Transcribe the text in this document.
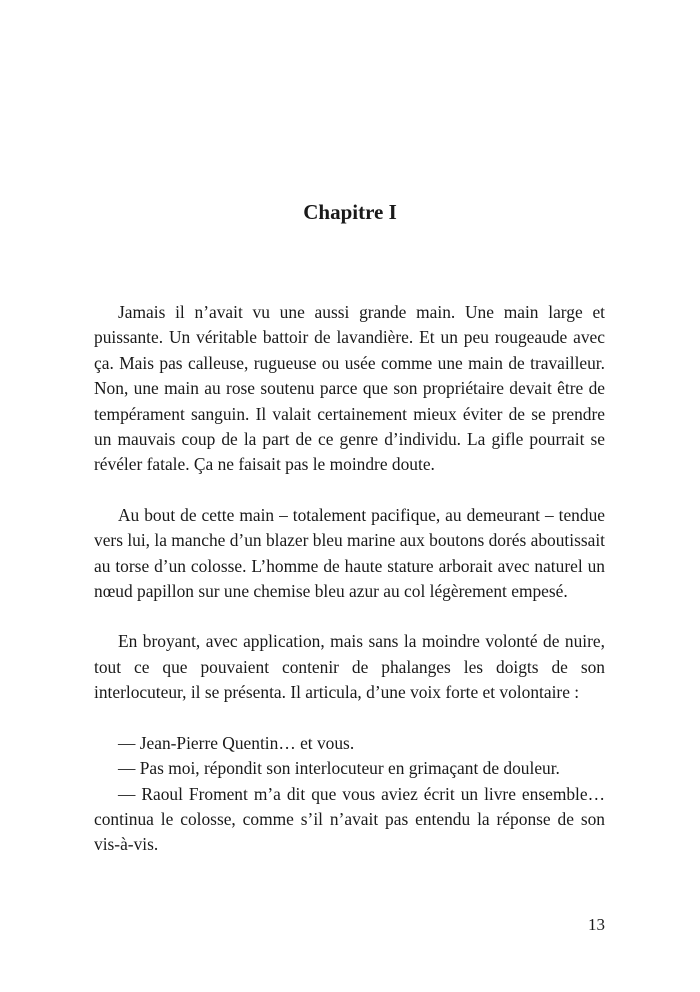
Chapitre I

Jamais il n’avait vu une aussi grande main. Une main large et puissante. Un véritable battoir de lavandière. Et un peu rougeaude avec ça. Mais pas calleuse, rugueuse ou usée comme une main de travailleur. Non, une main au rose soutenu parce que son propriétaire devait être de tempérament sanguin. Il valait certainement mieux éviter de se prendre un mauvais coup de la part de ce genre d’individu. La gifle pourrait se révéler fatale. Ça ne faisait pas le moindre doute.

Au bout de cette main – totalement pacifique, au demeurant – tendue vers lui, la manche d’un blazer bleu marine aux boutons dorés aboutissait au torse d’un colosse. L’homme de haute stature arborait avec naturel un nœud papillon sur une chemise bleu azur au col légèrement empesé.

En broyant, avec application, mais sans la moindre volonté de nuire, tout ce que pouvaient contenir de phalanges les doigts de son interlocuteur, il se présenta. Il articula, d’une voix forte et volontaire :

— Jean-Pierre Quentin… et vous.

— Pas moi, répondit son interlocuteur en grimaçant de douleur.

— Raoul Froment m’a dit que vous aviez écrit un livre ensemble… continua le colosse, comme s’il n’avait pas entendu la réponse de son vis-à-vis.

13
